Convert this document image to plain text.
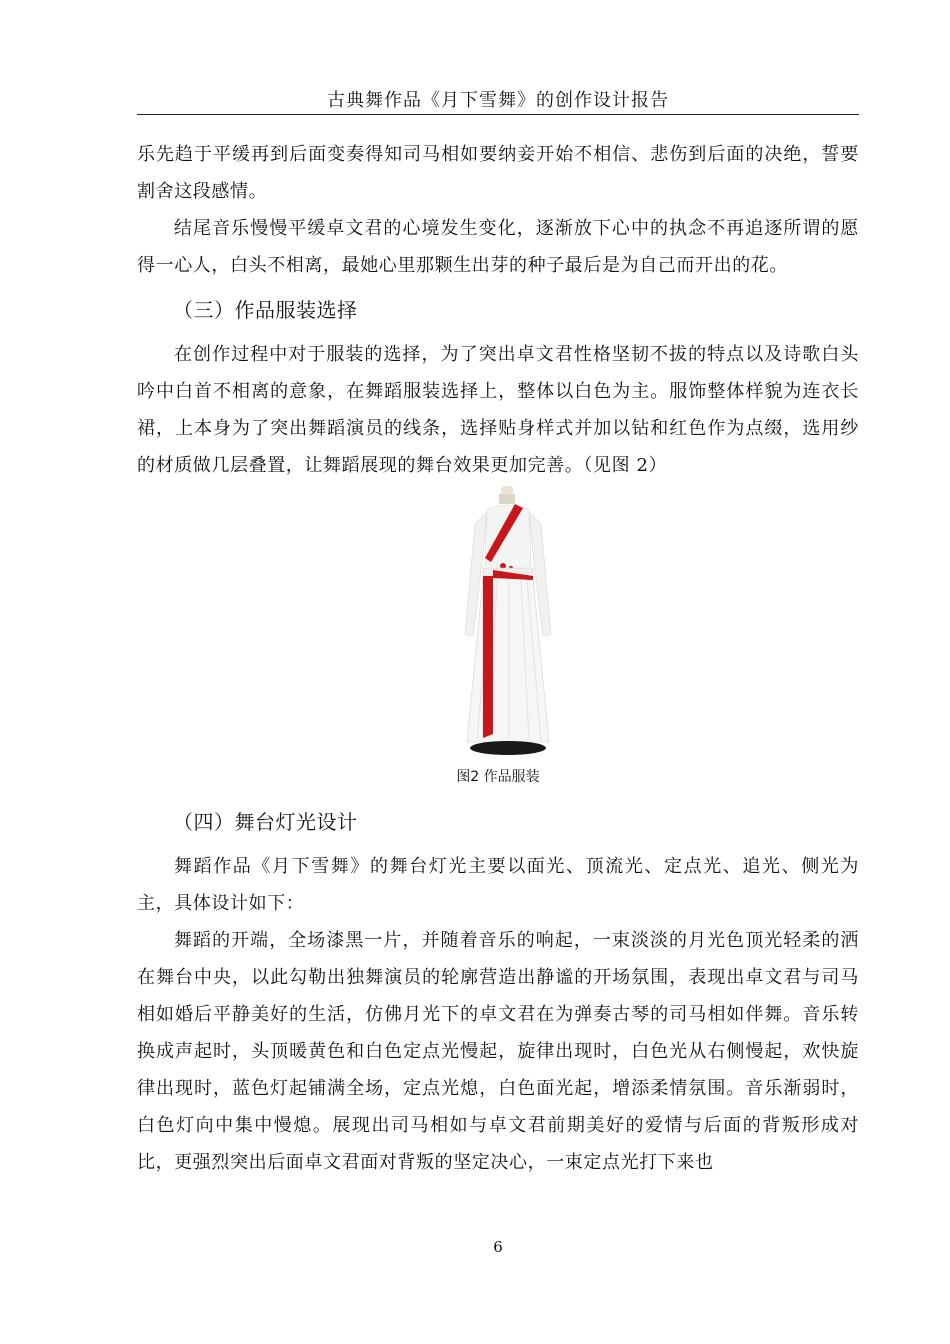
古典舞作品《月下雪舞》的创作设计报告
乐先趋于平缓再到后面变奏得知司马相如要纳妾开始不相信、悲伤到后面的决绝，誓要割舍这段感情。
结尾音乐慢慢平缓卓文君的心境发生变化，逐渐放下心中的执念不再追逐所谓的愿得一心人，白头不相离，最她心里那颗生出芽的种子最后是为自己而开出的花。
（三）作品服装选择
在创作过程中对于服装的选择，为了突出卓文君性格坚韧不拔的特点以及诗歌白头吟中白首不相离的意象，在舞蹈服装选择上，整体以白色为主。服饰整体样貌为连衣长裙，上本身为了突出舞蹈演员的线条，选择贴身样式并加以钻和红色作为点缀，选用纱的材质做几层叠置，让舞蹈展现的舞台效果更加完善。（见图 2）
图2 作品服装
（四）舞台灯光设计
舞蹈作品《月下雪舞》的舞台灯光主要以面光、顶流光、定点光、追光、侧光为主，具体设计如下：
舞蹈的开端，全场漆黑一片，并随着音乐的响起，一束淡淡的月光色顶光轻柔的洒在舞台中央，以此勾勒出独舞演员的轮廓营造出静谧的开场氛围，表现出卓文君与司马相如婚后平静美好的生活，仿佛月光下的卓文君在为弹奏古琴的司马相如伴舞。音乐转换成声起时，头顶暖黄色和白色定点光慢起，旋律出现时，白色光从右侧慢起，欢快旋律出现时，蓝色灯起铺满全场，定点光熄，白色面光起，增添柔情氛围。音乐渐弱时，白色灯向中集中慢熄。展现出司马相如与卓文君前期美好的爱情与后面的背叛形成对比，更强烈突出后面卓文君面对背叛的坚定决心，一束定点光打下来也
6
